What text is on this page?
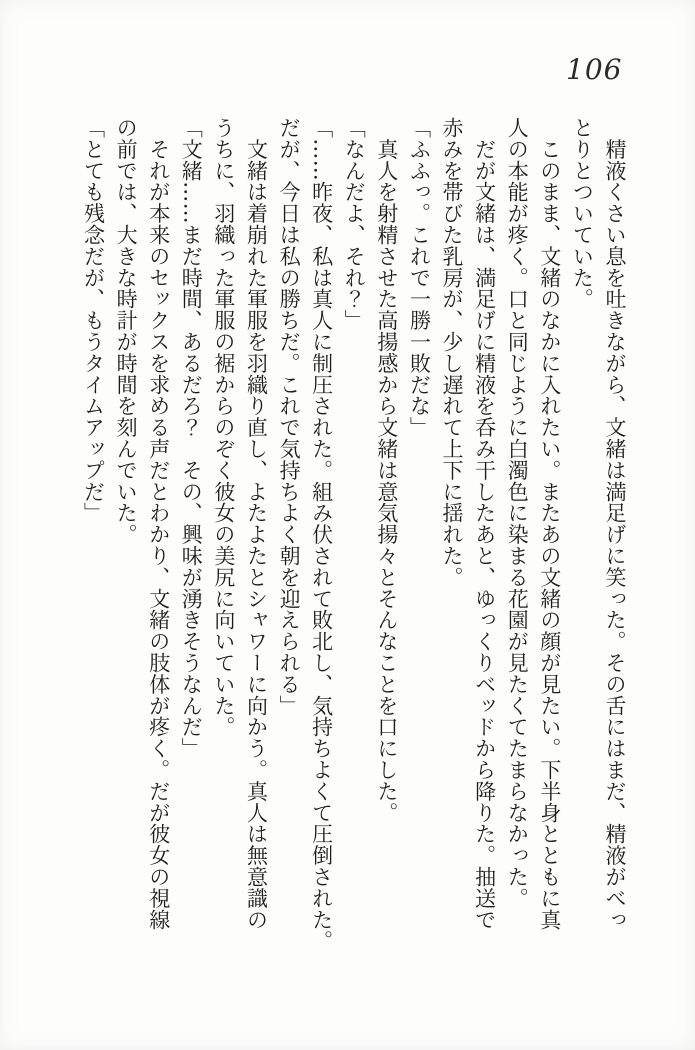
106
　精液くさい息を吐きながら、文緒は満足げに笑った。その舌にはまだ、精液がべっ
とりとついていた。
　このまま、文緒のなかに入れたい。またあの文緒の顔が見たい。下半身とともに真
人の本能が疼く。口と同じように白濁色に染まる花園が見たくてたまらなかった。
　だが文緒は、満足げに精液を呑み干したあと、ゆっくりベッドから降りた。抽送で
赤みを帯びた乳房が、少し遅れて上下に揺れた。
「ふふっ。これで一勝一敗だな」
　真人を射精させた高揚感から文緒は意気揚々とそんなことを口にした。
「なんだよ、それ？」
「……昨夜、私は真人に制圧された。組み伏されて敗北し、気持ちよくて圧倒された。
だが、今日は私の勝ちだ。これで気持ちよく朝を迎えられる」
　文緒は着崩れた軍服を羽織り直し、よたよたとシャワーに向かう。真人は無意識の
うちに、羽織った軍服の裾からのぞく彼女の美尻に向いていた。
「文緒……まだ時間、あるだろ？　その、興味が湧きそうなんだ」
　それが本来のセックスを求める声だとわかり、文緒の肢体が疼く。だが彼女の視線
の前では、大きな時計が時間を刻んでいた。
「とても残念だが、もうタイムアップだ」
